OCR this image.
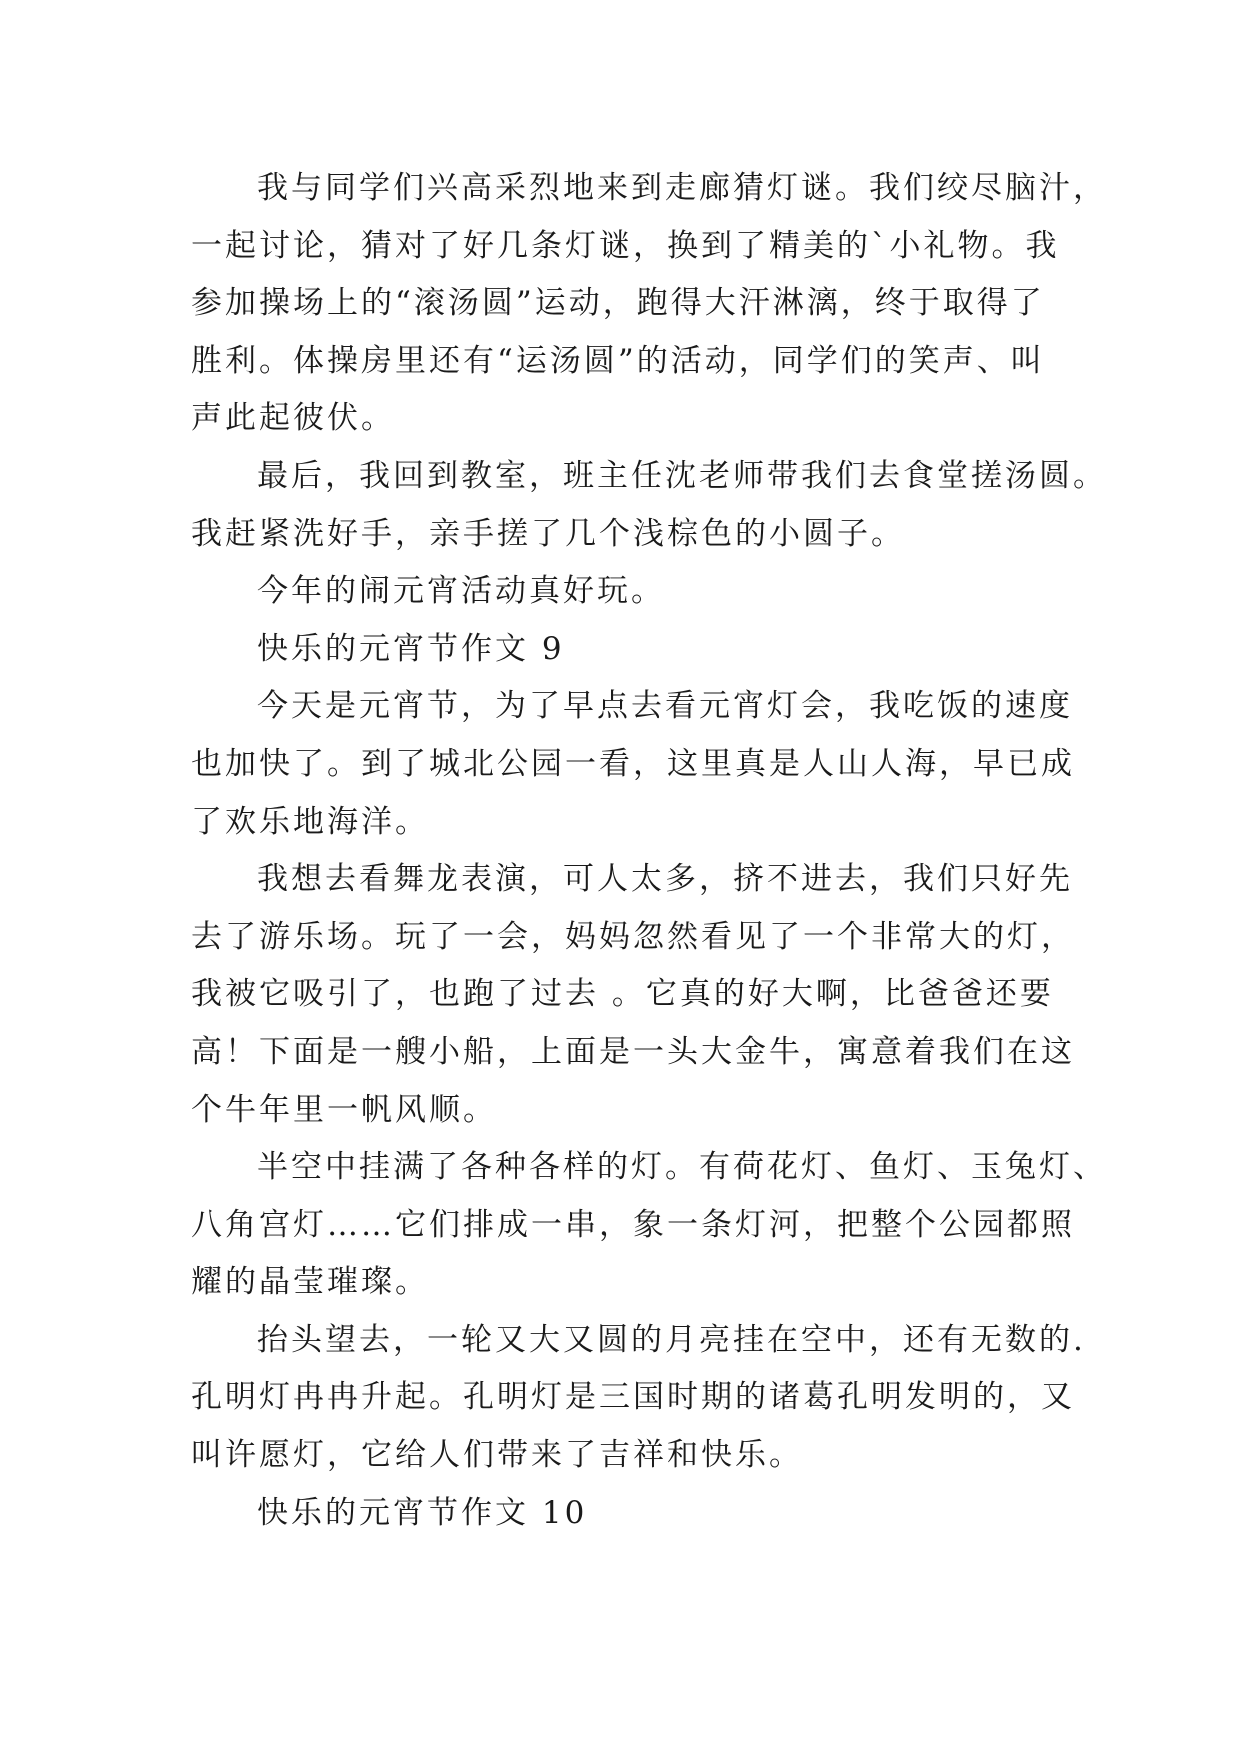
我与同学们兴高采烈地来到走廊猜灯谜。我们绞尽脑汁，
一起讨论，猜对了好几条灯谜，换到了精美的`小礼物。我
参加操场上的“滚汤圆”运动，跑得大汗淋漓，终于取得了
胜利。体操房里还有“运汤圆”的活动，同学们的笑声、叫
声此起彼伏。
最后，我回到教室，班主任沈老师带我们去食堂搓汤圆。
我赶紧洗好手，亲手搓了几个浅棕色的小圆子。
今年的闹元宵活动真好玩。
快乐的元宵节作文 9
今天是元宵节，为了早点去看元宵灯会，我吃饭的速度
也加快了。到了城北公园一看，这里真是人山人海，早已成
了欢乐地海洋。
我想去看舞龙表演，可人太多，挤不进去，我们只好先
去了游乐场。玩了一会，妈妈忽然看见了一个非常大的灯，
我被它吸引了，也跑了过去 。它真的好大啊，比爸爸还要
高！下面是一艘小船，上面是一头大金牛，寓意着我们在这
个牛年里一帆风顺。
半空中挂满了各种各样的灯。有荷花灯、鱼灯、玉兔灯、
八角宫灯……它们排成一串，象一条灯河，把整个公园都照
耀的晶莹璀璨。
抬头望去，一轮又大又圆的月亮挂在空中，还有无数的.
孔明灯冉冉升起。孔明灯是三国时期的诸葛孔明发明的，又
叫许愿灯，它给人们带来了吉祥和快乐。
快乐的元宵节作文 10
